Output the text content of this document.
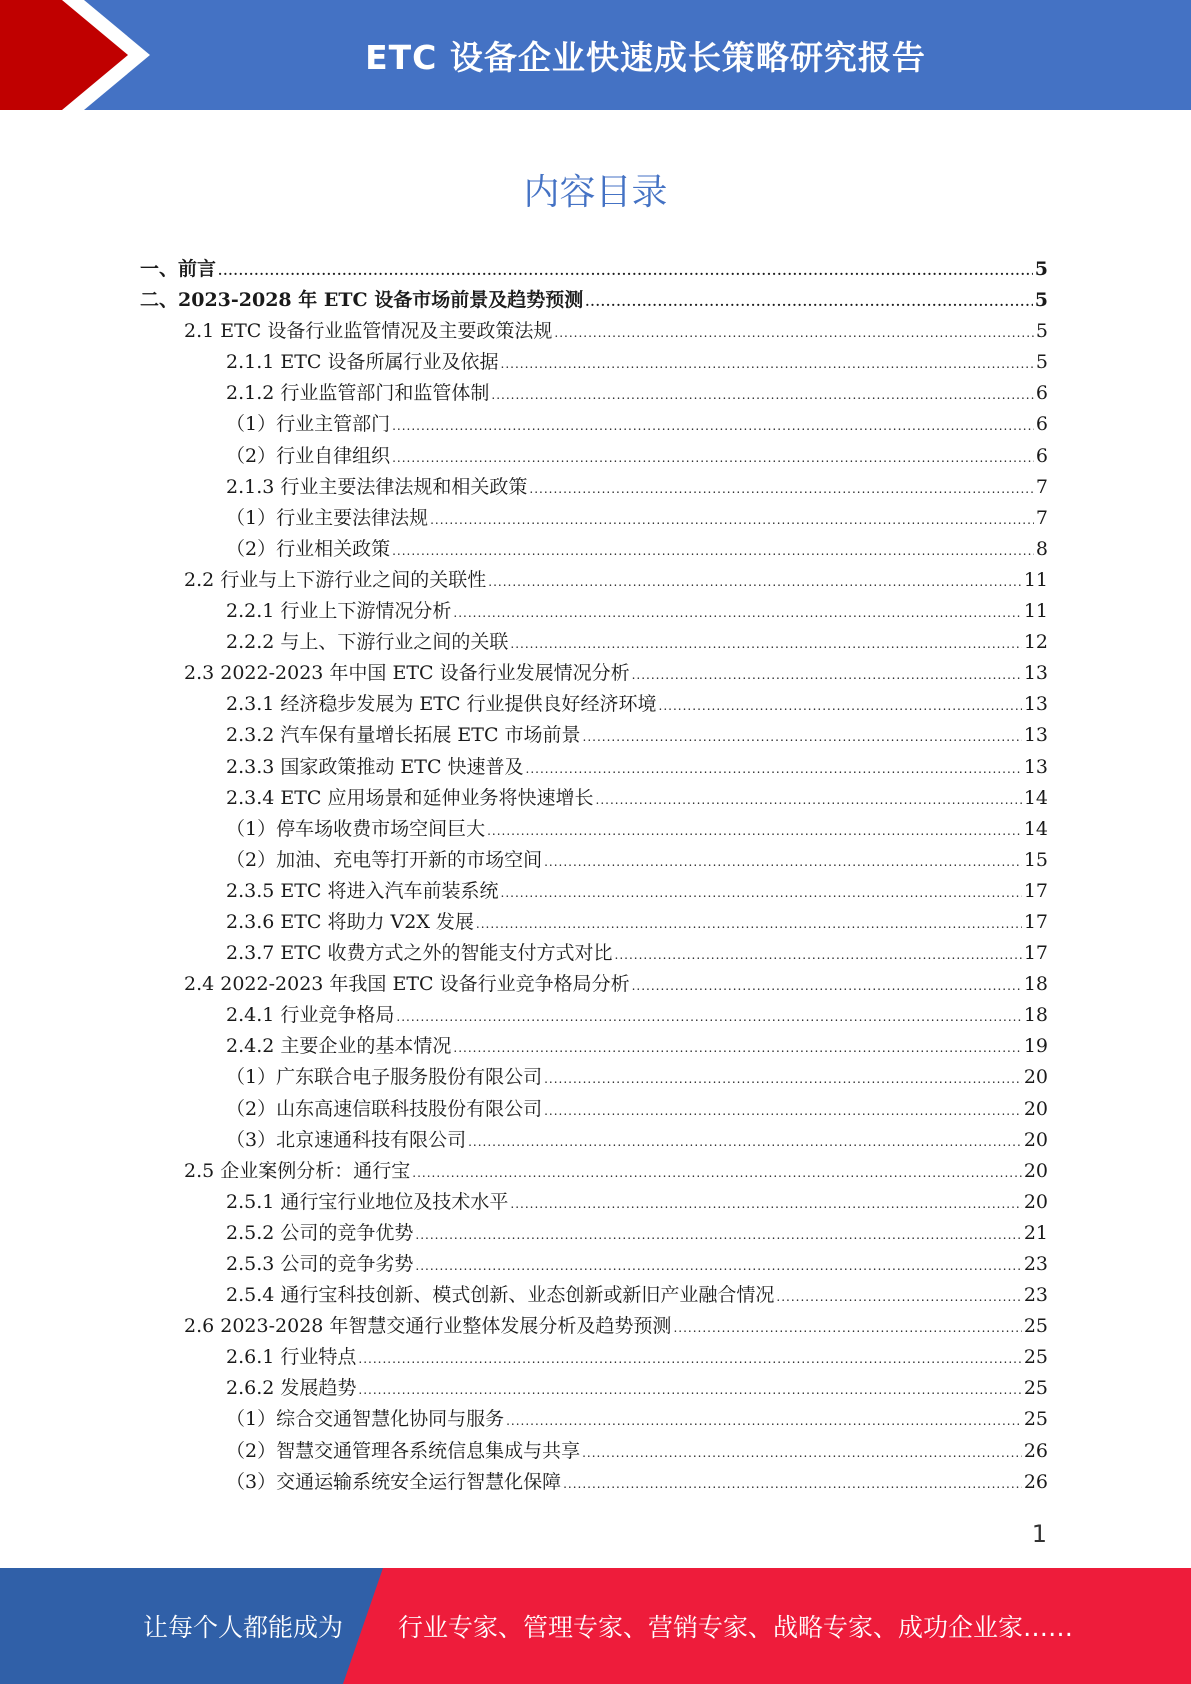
ETC 设备企业快速成长策略研究报告
内容目录
一、前言 .....	5
二、2023-2028 年 ETC 设备市场前景及趋势预测 .....	5
2.1 ETC 设备行业监管情况及主要政策法规 .....	5
2.1.1 ETC 设备所属行业及依据 .....	5
2.1.2 行业监管部门和监管体制 .....	6
（1）行业主管部门 .....	6
（2）行业自律组织 .....	6
2.1.3 行业主要法律法规和相关政策 .....	7
（1）行业主要法律法规 .....	7
（2）行业相关政策 .....	8
2.2 行业与上下游行业之间的关联性 .....	11
2.2.1 行业上下游情况分析 .....	11
2.2.2 与上、下游行业之间的关联 .....	12
2.3 2022-2023 年中国 ETC 设备行业发展情况分析 .....	13
2.3.1 经济稳步发展为 ETC 行业提供良好经济环境 .....	13
2.3.2 汽车保有量增长拓展 ETC 市场前景 .....	13
2.3.3 国家政策推动 ETC 快速普及 .....	13
2.3.4 ETC 应用场景和延伸业务将快速增长 .....	14
（1）停车场收费市场空间巨大 .....	14
（2）加油、充电等打开新的市场空间 .....	15
2.3.5 ETC 将进入汽车前装系统 .....	17
2.3.6 ETC 将助力 V2X 发展 .....	17
2.3.7 ETC 收费方式之外的智能支付方式对比 .....	17
2.4 2022-2023 年我国 ETC 设备行业竞争格局分析 .....	18
2.4.1 行业竞争格局 .....	18
2.4.2 主要企业的基本情况 .....	19
（1）广东联合电子服务股份有限公司 .....	20
（2）山东高速信联科技股份有限公司 .....	20
（3）北京速通科技有限公司 .....	20
2.5 企业案例分析：通行宝 .....	20
2.5.1 通行宝行业地位及技术水平 .....	20
2.5.2 公司的竞争优势 .....	21
2.5.3 公司的竞争劣势 .....	23
2.5.4 通行宝科技创新、模式创新、业态创新或新旧产业融合情况 .....	23
2.6 2023-2028 年智慧交通行业整体发展分析及趋势预测 .....	25
2.6.1 行业特点 .....	25
2.6.2 发展趋势 .....	25
（1）综合交通智慧化协同与服务 .....	25
（2）智慧交通管理各系统信息集成与共享 .....	26
（3）交通运输系统安全运行智慧化保障 .....	26
1
让每个人都能成为 行业专家、管理专家、营销专家、战略专家、成功企业家……
